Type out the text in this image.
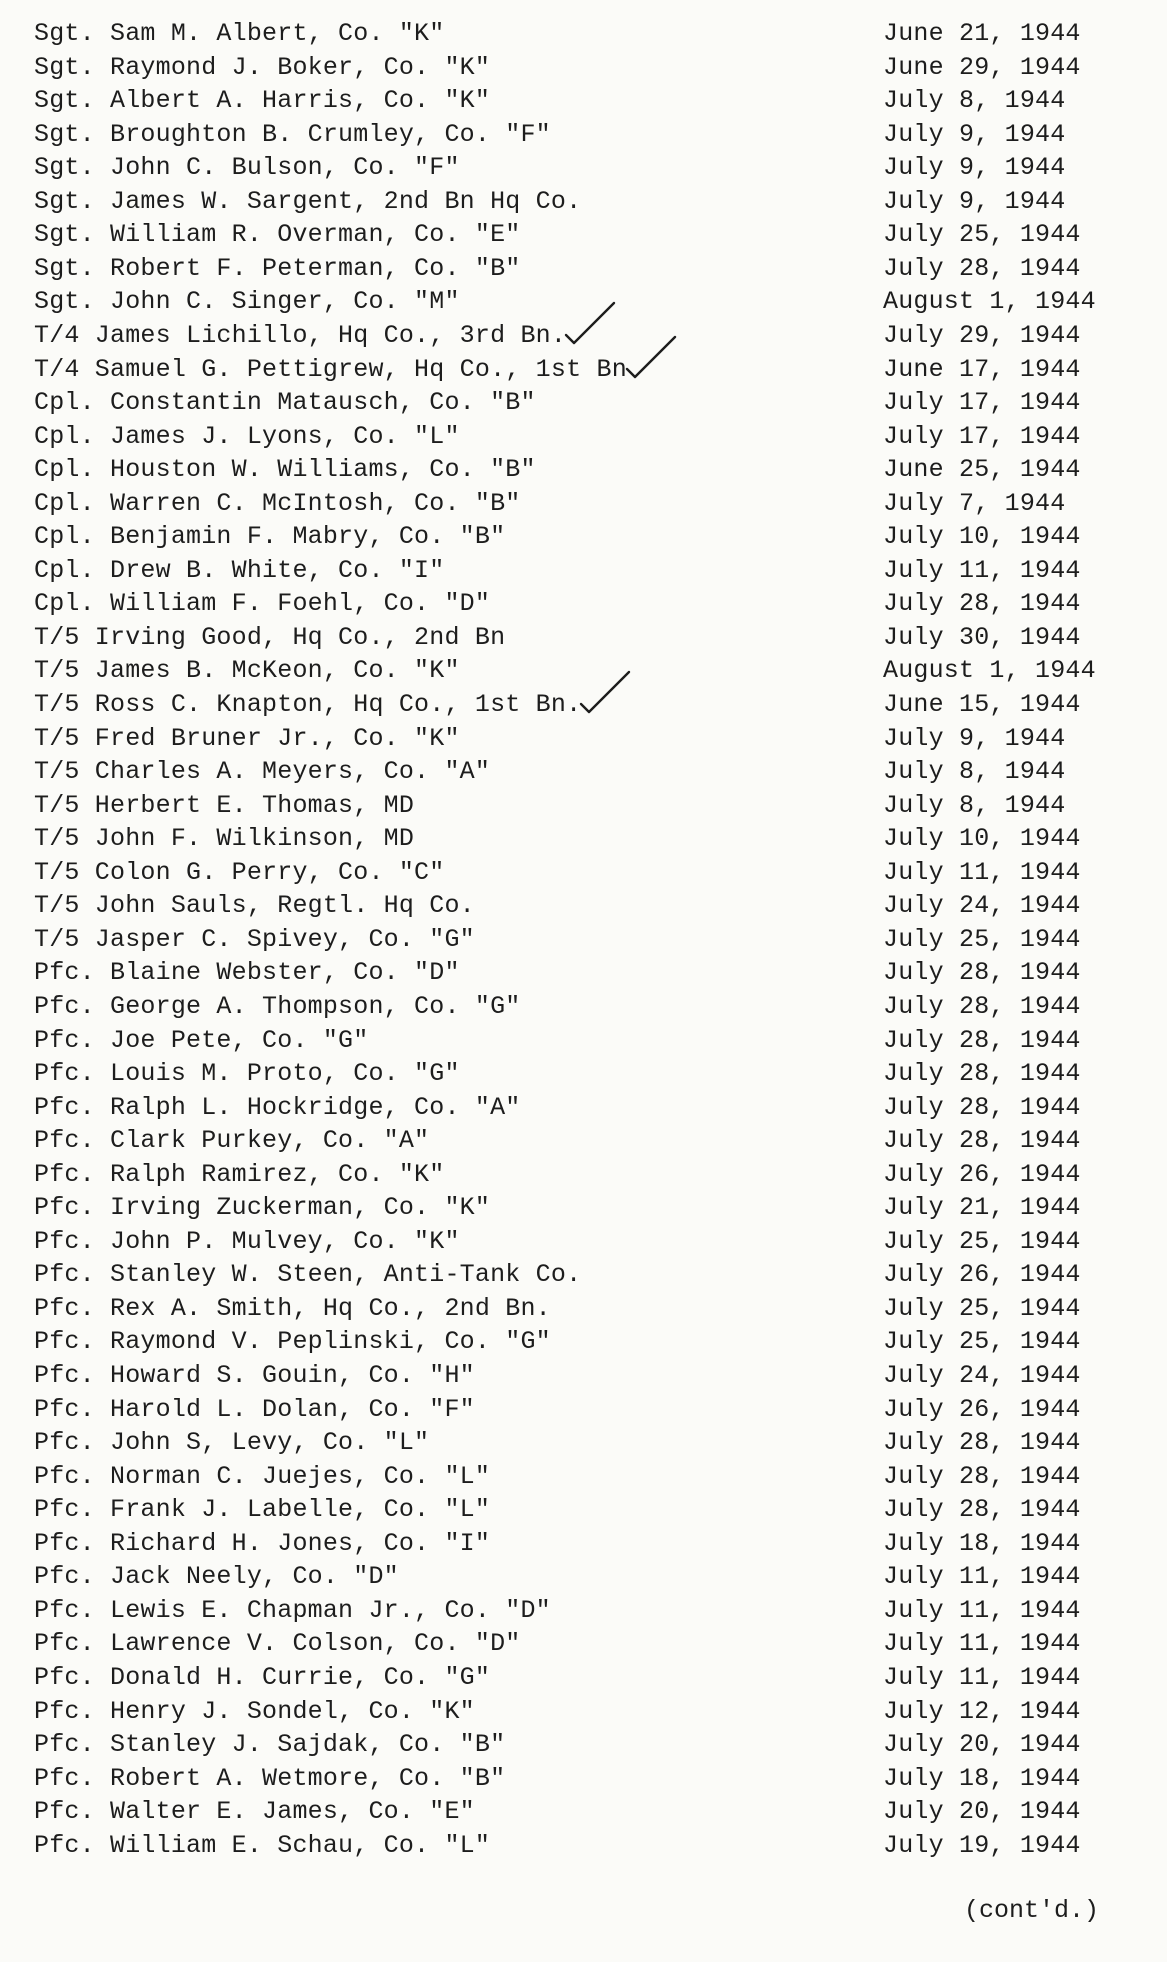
Sgt. Sam M. Albert, Co. "K"	June 21, 1944
Sgt. Raymond J. Boker, Co. "K"	June 29, 1944
Sgt. Albert A. Harris, Co. "K"	July 8, 1944
Sgt. Broughton B. Crumley, Co. "F"	July 9, 1944
Sgt. John C. Bulson, Co. "F"	July 9, 1944
Sgt. James W. Sargent, 2nd Bn Hq Co.	July 9, 1944
Sgt. William R. Overman, Co. "E"	July 25, 1944
Sgt. Robert F. Peterman, Co. "B"	July 28, 1944
Sgt. John C. Singer, Co. "M"	August 1, 1944
T/4 James Lichillo, Hq Co., 3rd Bn.	July 29, 1944
T/4 Samuel G. Pettigrew, Hq Co., 1st Bn	June 17, 1944
Cpl. Constantin Matausch, Co. "B"	July 17, 1944
Cpl. James J. Lyons, Co. "L"	July 17, 1944
Cpl. Houston W. Williams, Co. "B"	June 25, 1944
Cpl. Warren C. McIntosh, Co. "B"	July 7, 1944
Cpl. Benjamin F. Mabry, Co. "B"	July 10, 1944
Cpl. Drew B. White, Co. "I"	July 11, 1944
Cpl. William F. Foehl, Co. "D"	July 28, 1944
T/5 Irving Good, Hq Co., 2nd Bn	July 30, 1944
T/5 James B. McKeon, Co. "K"	August 1, 1944
T/5 Ross C. Knapton, Hq Co., 1st Bn.	June 15, 1944
T/5 Fred Bruner Jr., Co. "K"	July 9, 1944
T/5 Charles A. Meyers, Co. "A"	July 8, 1944
T/5 Herbert E. Thomas, MD	July 8, 1944
T/5 John F. Wilkinson, MD	July 10, 1944
T/5 Colon G. Perry, Co. "C"	July 11, 1944
T/5 John Sauls, Regtl. Hq Co.	July 24, 1944
T/5 Jasper C. Spivey, Co. "G"	July 25, 1944
Pfc. Blaine Webster, Co. "D"	July 28, 1944
Pfc. George A. Thompson, Co. "G"	July 28, 1944
Pfc. Joe Pete, Co. "G"	July 28, 1944
Pfc. Louis M. Proto, Co. "G"	July 28, 1944
Pfc. Ralph L. Hockridge, Co. "A"	July 28, 1944
Pfc. Clark Purkey, Co. "A"	July 28, 1944
Pfc. Ralph Ramirez, Co. "K"	July 26, 1944
Pfc. Irving Zuckerman, Co. "K"	July 21, 1944
Pfc. John P. Mulvey, Co. "K"	July 25, 1944
Pfc. Stanley W. Steen, Anti-Tank Co.	July 26, 1944
Pfc. Rex A. Smith, Hq Co., 2nd Bn.	July 25, 1944
Pfc. Raymond V. Peplinski, Co. "G"	July 25, 1944
Pfc. Howard S. Gouin, Co. "H"	July 24, 1944
Pfc. Harold L. Dolan, Co. "F"	July 26, 1944
Pfc. John S, Levy, Co. "L"	July 28, 1944
Pfc. Norman C. Juejes, Co. "L"	July 28, 1944
Pfc. Frank J. Labelle, Co. "L"	July 28, 1944
Pfc. Richard H. Jones, Co. "I"	July 18, 1944
Pfc. Jack Neely, Co. "D"	July 11, 1944
Pfc. Lewis E. Chapman Jr., Co. "D"	July 11, 1944
Pfc. Lawrence V. Colson, Co. "D"	July 11, 1944
Pfc. Donald H. Currie, Co. "G"	July 11, 1944
Pfc. Henry J. Sondel, Co. "K"	July 12, 1944
Pfc. Stanley J. Sajdak, Co. "B"	July 20, 1944
Pfc. Robert A. Wetmore, Co. "B"	July 18, 1944
Pfc. Walter E. James, Co. "E"	July 20, 1944
Pfc. William E. Schau, Co. "L"	July 19, 1944
(cont'd.)
